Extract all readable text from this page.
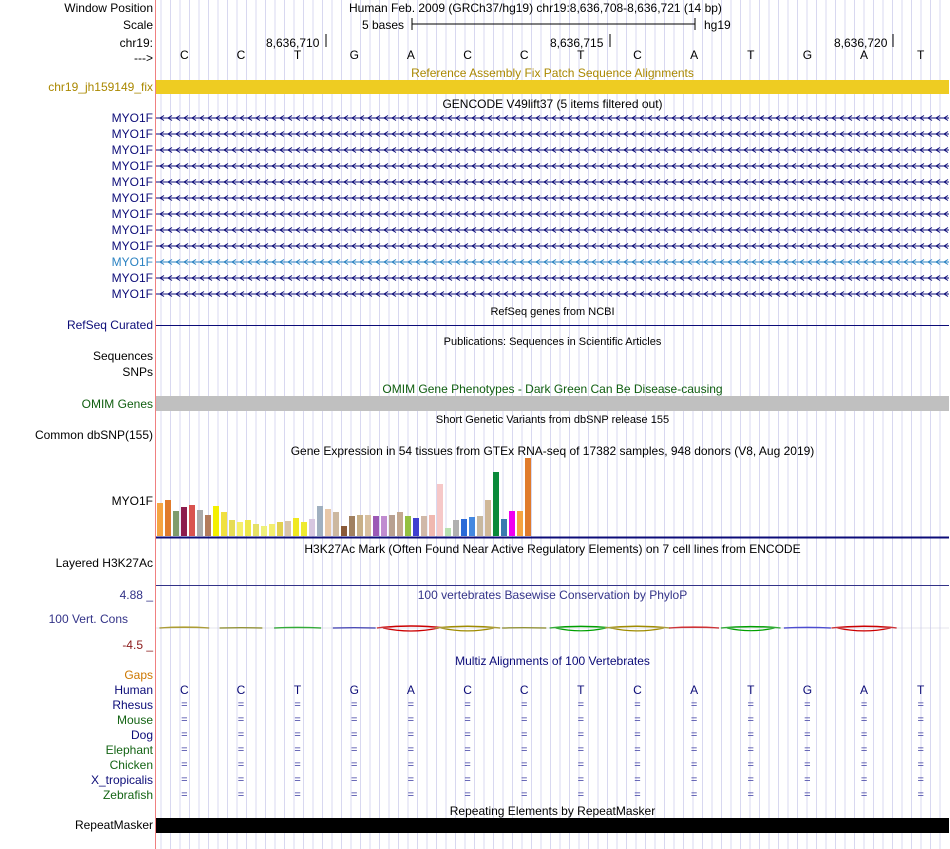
Window Position	Human Feb. 2009 (GRCh37/hg19) chr19:8,636,708-8,636,721 (14 bp)
Scale	5 bases	hg19
chr19:	8,636,710	8,636,715	8,636,720
--->
Reference Assembly Fix Patch Sequence Alignments
chr19_jh159149_fix
GENCODE V49lift37 (5 items filtered out)
RefSeq Curated
RefSeq genes from NCBI
Publications: Sequences in Scientific Articles
Sequences
SNPs
OMIM Gene Phenotypes - Dark Green Can Be Disease-causing
OMIM Genes
Short Genetic Variants from dbSNP release 155
Common dbSNP(155)
Gene Expression in 54 tissues from GTEx RNA-seq of 17382 samples, 948 donors (V8, Aug 2019)
MYO1F
H3K27Ac Mark (Often Found Near Active Regulatory Elements) on 7 cell lines from ENCODE
Layered H3K27Ac
100 vertebrates Basewise Conservation by PhyloP
4.88 _
100 Vert. Cons
-4.5 _
Multiz Alignments of 100 Vertebrates
Gaps
Repeating Elements by RepeatMasker
RepeatMasker
C	C	T	G	A	C	C	T	C	A	T	G	A	T
MYO1F
MYO1F
MYO1F
MYO1F
MYO1F
MYO1F
MYO1F
MYO1F
MYO1F
MYO1F
MYO1F
MYO1F
Human	C	C	T	G	A	C	C	T	C	A	T	G	A	T
Rhesus	=	=	=	=	=	=	=	=	=	=	=	=	=	=
Mouse	=	=	=	=	=	=	=	=	=	=	=	=	=	=
Dog	=	=	=	=	=	=	=	=	=	=	=	=	=	=
Elephant	=	=	=	=	=	=	=	=	=	=	=	=	=	=
Chicken	=	=	=	=	=	=	=	=	=	=	=	=	=	=
X_tropicalis	=	=	=	=	=	=	=	=	=	=	=	=	=	=
Zebrafish	=	=	=	=	=	=	=	=	=	=	=	=	=	=
